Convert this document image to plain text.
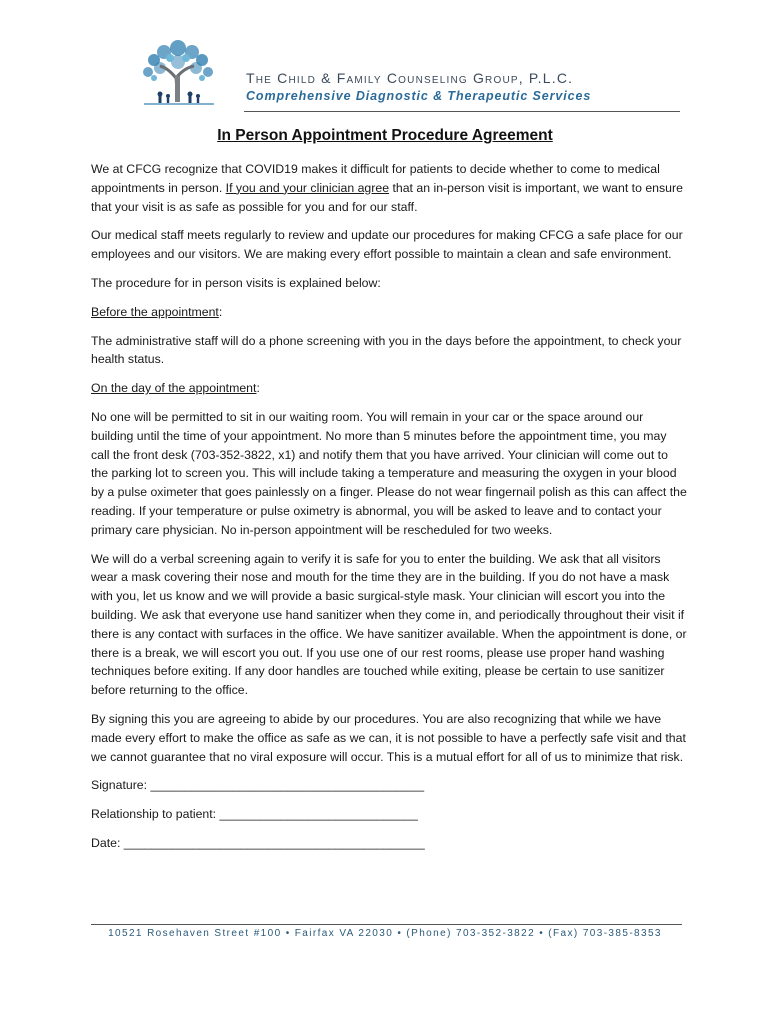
The Child & Family Counseling Group, P.L.C.
Comprehensive Diagnostic & Therapeutic Services
In Person Appointment Procedure Agreement

We at CFCG recognize that COVID19 makes it difficult for patients to decide whether to come to medical appointments in person. If you and your clinician agree that an in-person visit is important, we want to ensure that your visit is as safe as possible for you and for our staff.

Our medical staff meets regularly to review and update our procedures for making CFCG a safe place for our employees and our visitors. We are making every effort possible to maintain a clean and safe environment.

The procedure for in person visits is explained below:

Before the appointment:

The administrative staff will do a phone screening with you in the days before the appointment, to check your health status.

On the day of the appointment:

No one will be permitted to sit in our waiting room. You will remain in your car or the space around our building until the time of your appointment. No more than 5 minutes before the appointment time, you may call the front desk (703-352-3822, x1) and notify them that you have arrived. Your clinician will come out to the parking lot to screen you. This will include taking a temperature and measuring the oxygen in your blood by a pulse oximeter that goes painlessly on a finger. Please do not wear fingernail polish as this can affect the reading. If your temperature or pulse oximetry is abnormal, you will be asked to leave and to contact your primary care physician. No in-person appointment will be rescheduled for two weeks.

We will do a verbal screening again to verify it is safe for you to enter the building. We ask that all visitors wear a mask covering their nose and mouth for the time they are in the building. If you do not have a mask with you, let us know and we will provide a basic surgical-style mask. Your clinician will escort you into the building. We ask that everyone use hand sanitizer when they come in, and periodically throughout their visit if there is any contact with surfaces in the office. We have sanitizer available. When the appointment is done, or there is a break, we will escort you out. If you use one of our rest rooms, please use proper hand washing techniques before exiting. If any door handles are touched while exiting, please be certain to use sanitizer before returning to the office.

By signing this you are agreeing to abide by our procedures. You are also recognizing that while we have made every effort to make the office as safe as we can, it is not possible to have a perfectly safe visit and that we cannot guarantee that no viral exposure will occur. This is a mutual effort for all of us to minimize that risk.

Signature: ________________________________________
Relationship to patient: _____________________________
Date: ____________________________________________
10521 Rosehaven Street #100 • Fairfax VA 22030 • (Phone) 703-352-3822 • (Fax) 703-385-8353
